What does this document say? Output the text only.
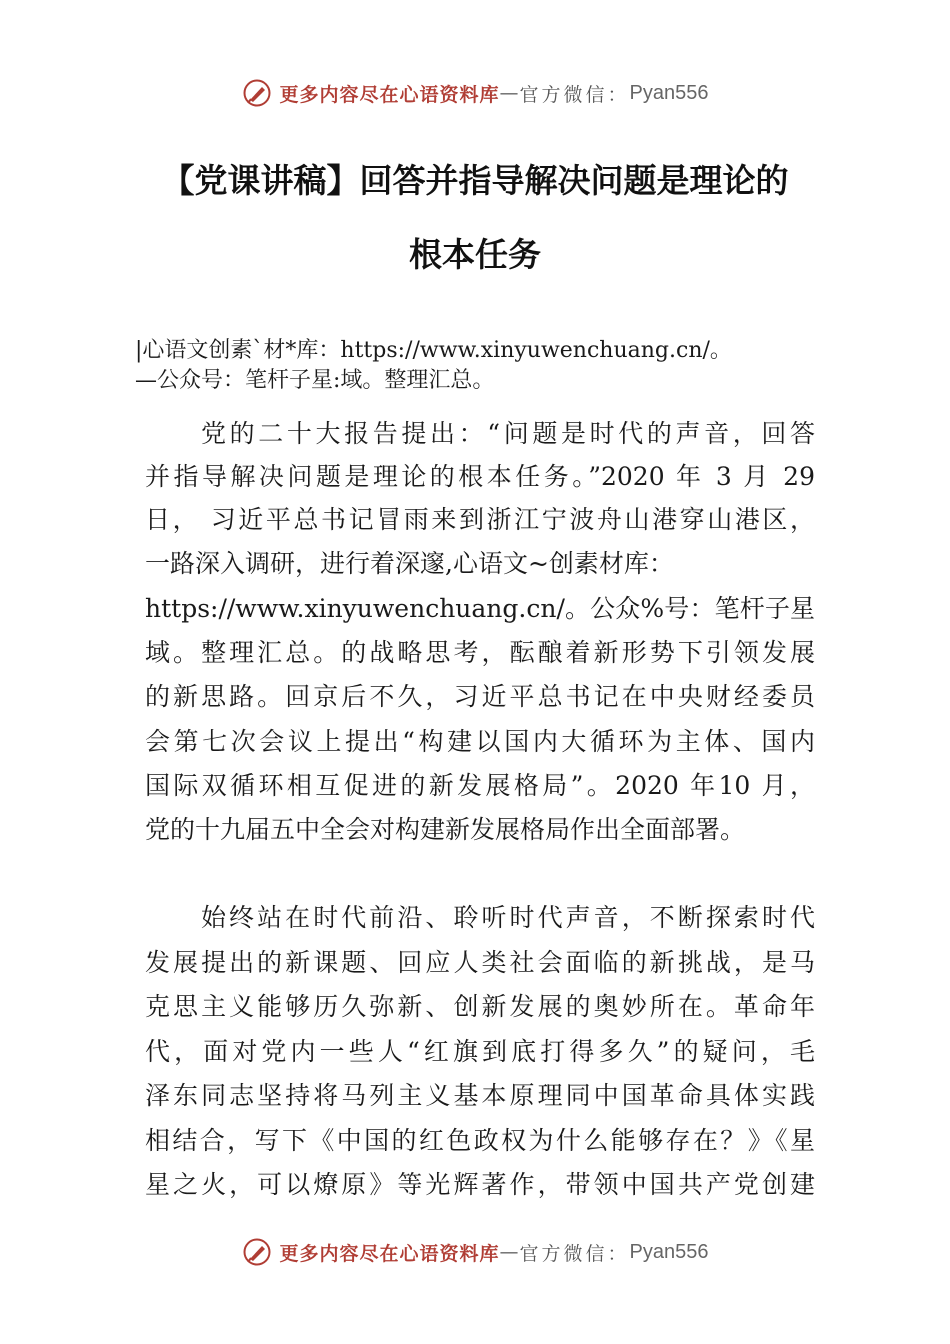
更多内容尽在心语资料库 — 官方微信： Pyan556
【党课讲稿】回答并指导解决问题是理论的
根本任务
|心语文创素`材*库：https://www.xinyuwenchuang.cn/。
—公众号：笔杆子星:域。整理汇总。
党的二十大报告提出：“问题是时代的声音，回答
并指导解决问题是理论的根本任务。”2020 年 3 月 29
日， 习近平总书记冒雨来到浙江宁波舟山港穿山港区，
一路深入调研，进行着深邃,心语文~创素材库：
https://www.xinyuwenchuang.cn/。公众%号：笔杆子星
域。整理汇总。的战略思考，酝酿着新形势下引领发展
的新思路。回京后不久，习近平总书记在中央财经委员
会第七次会议上提出“构建以国内大循环为主体、国内
国际双循环相互促进的新发展格局”。2020 年10 月，
党的十九届五中全会对构建新发展格局作出全面部署。
始终站在时代前沿、聆听时代声音，不断探索时代
发展提出的新课题、回应人类社会面临的新挑战，是马
克思主义能够历久弥新、创新发展的奥妙所在。革命年
代，面对党内一些人“红旗到底打得多久”的疑问，毛
泽东同志坚持将马列主义基本原理同中国革命具体实践
相结合，写下《中国的红色政权为什么能够存在？》《星
星之火，可以燎原》等光辉著作，带领中国共产党创建
更多内容尽在心语资料库 — 官方微信： Pyan556
